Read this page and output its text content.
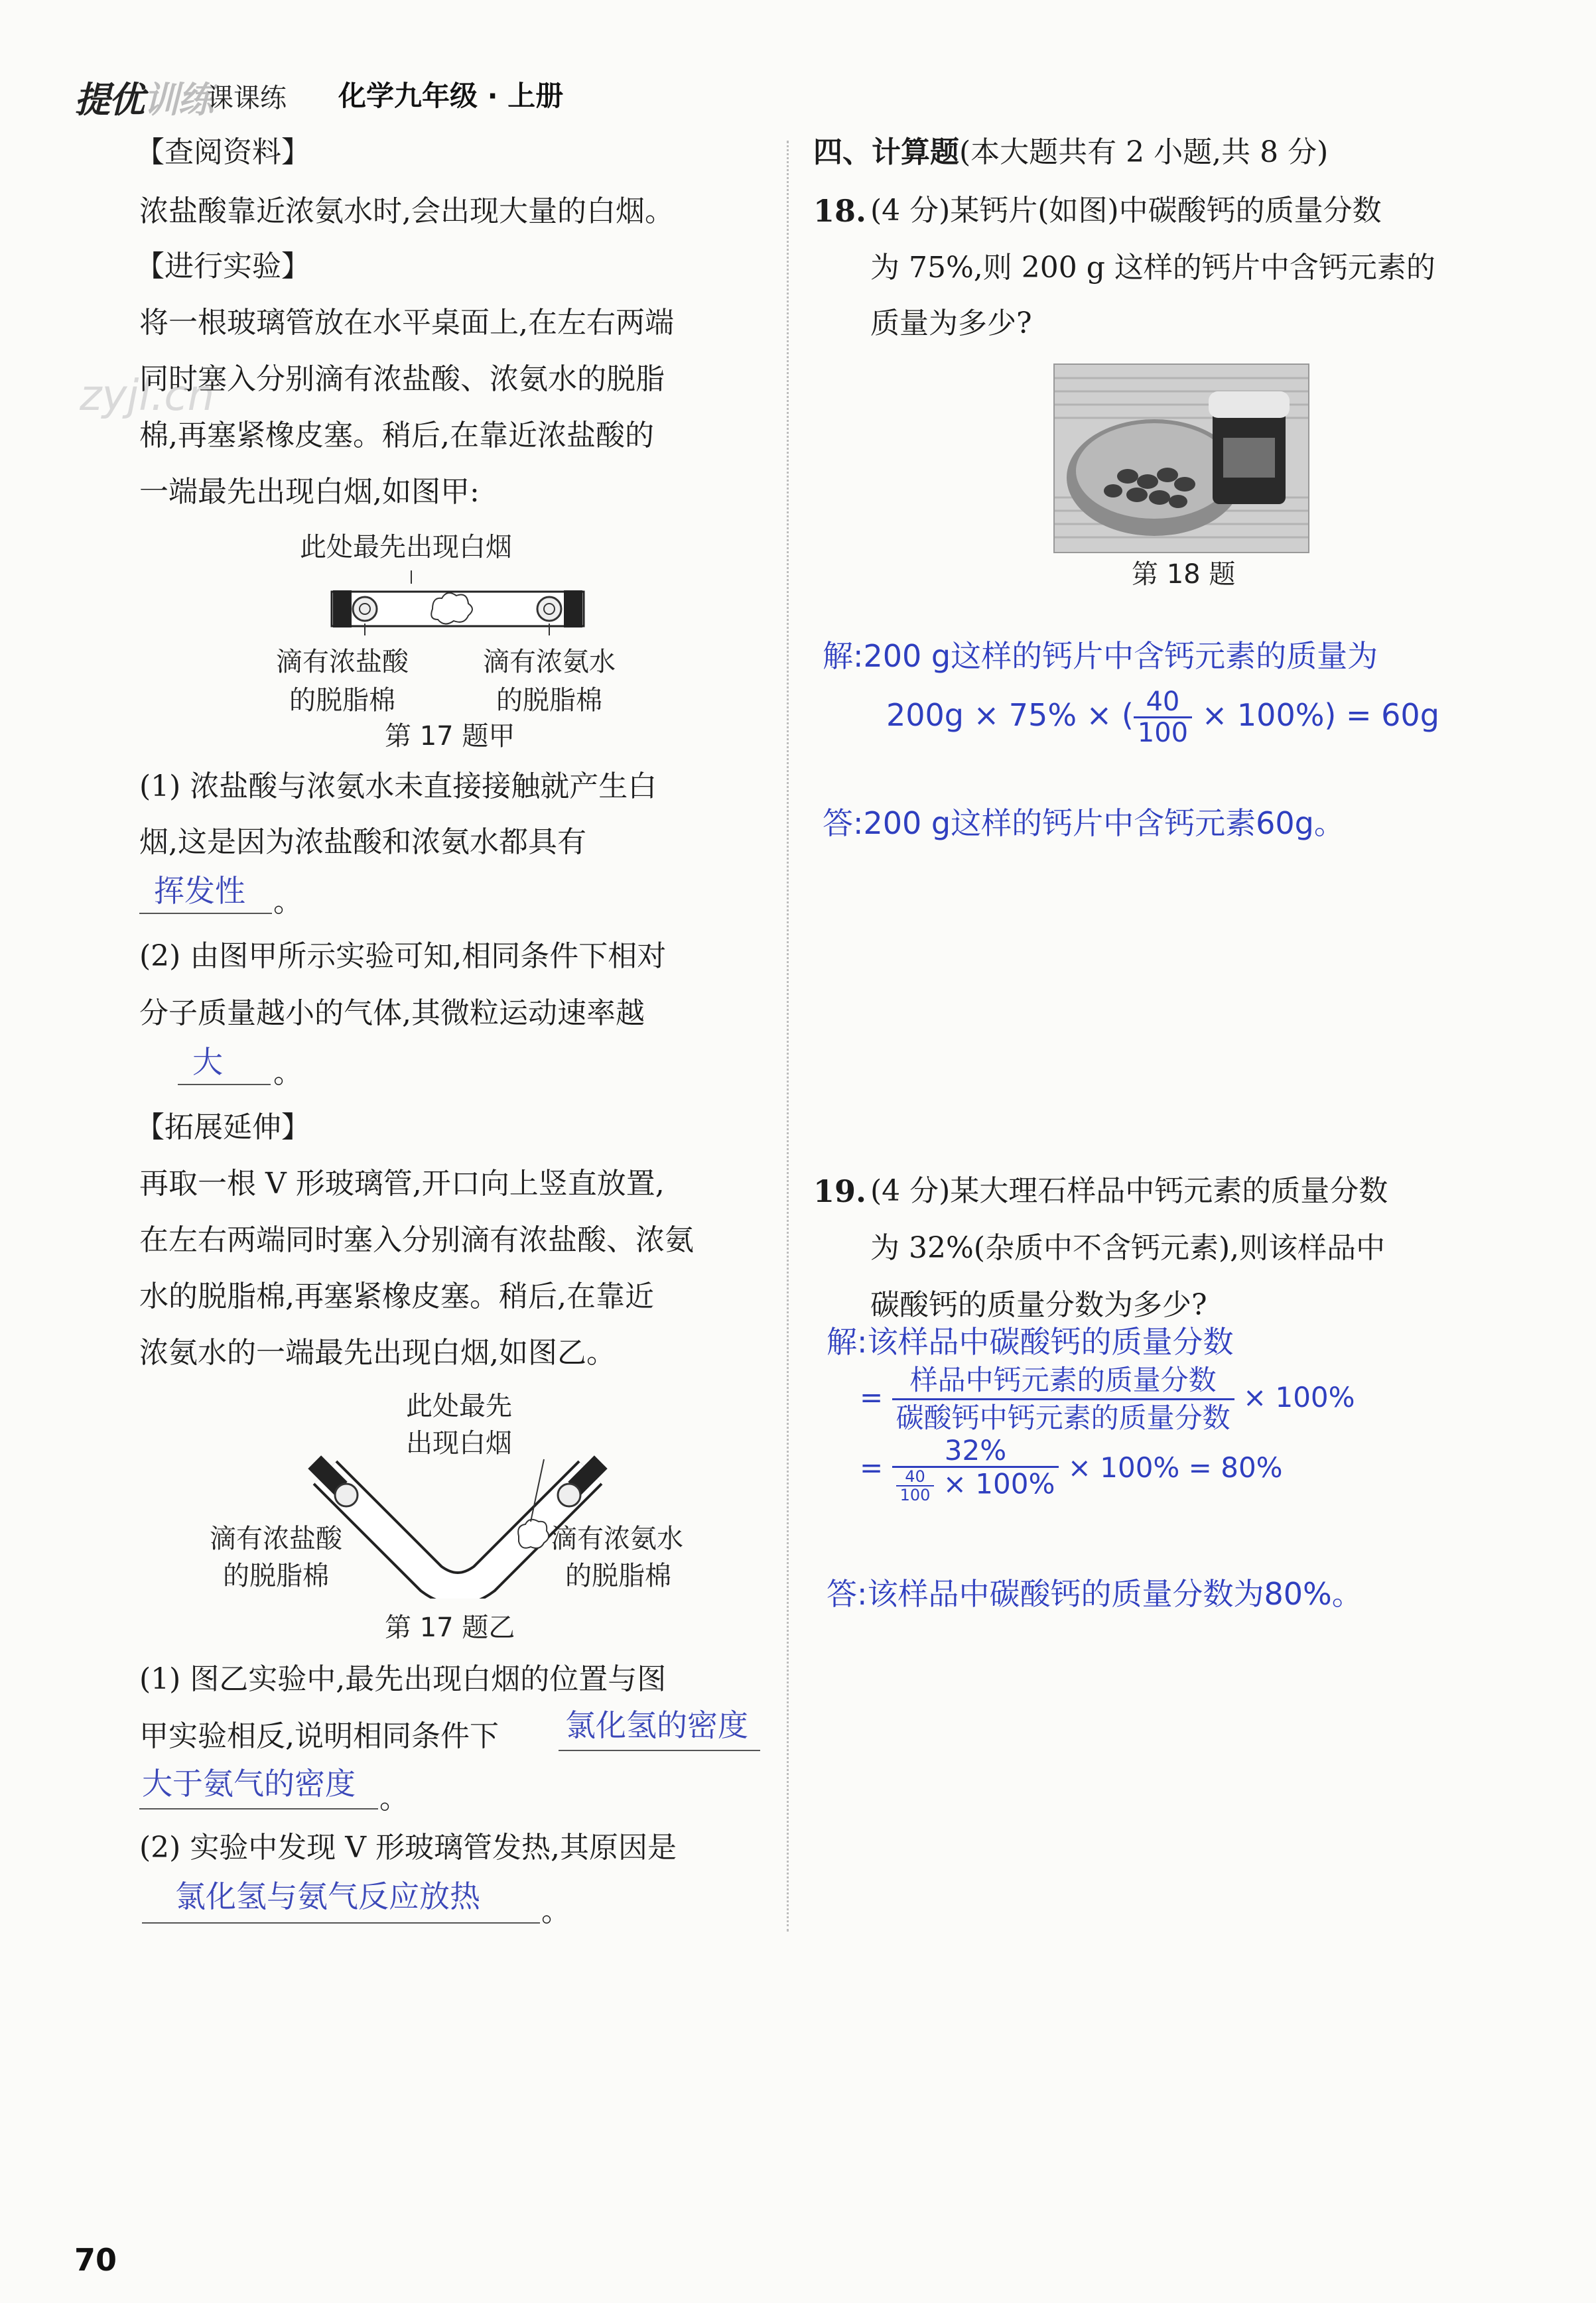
提优训练
课课练 化学九年级 · 上册
zyjl.cn
【查阅资料】
浓盐酸靠近浓氨水时,会出现大量的白烟。
【进行实验】
将一根玻璃管放在水平桌面上,在左右两端
同时塞入分别滴有浓盐酸、浓氨水的脱脂
棉,再塞紧橡皮塞。稍后,在靠近浓盐酸的
一端最先出现白烟,如图甲:
此处最先出现白烟
滴有浓盐酸
的脱脂棉
滴有浓氨水
的脱脂棉
第 17 题甲
(1) 浓盐酸与浓氨水未直接接触就产生白
烟,这是因为浓盐酸和浓氨水都具有
挥发性 。
(2) 由图甲所示实验可知,相同条件下相对
分子质量越小的气体,其微粒运动速率越
大 。
【拓展延伸】
再取一根 V 形玻璃管,开口向上竖直放置,
在左右两端同时塞入分别滴有浓盐酸、浓氨
水的脱脂棉,再塞紧橡皮塞。稍后,在靠近
浓氨水的一端最先出现白烟,如图乙。
此处最先
出现白烟
滴有浓盐酸
的脱脂棉
滴有浓氨水
的脱脂棉
第 17 题乙
(1) 图乙实验中,最先出现白烟的位置与图
甲实验相反,说明相同条件下 氯化氢的密度
大于氨气的密度 。
(2) 实验中发现 V 形玻璃管发热,其原因是
氯化氢与氨气反应放热 。
四、计算题(本大题共有 2 小题,共 8 分)
18. (4 分)某钙片(如图)中碳酸钙的质量分数
为 75%,则 200 g 这样的钙片中含钙元素的
质量为多少?
第 18 题
解:200 g这样的钙片中含钙元素的质量为
200g × 75% × ( $\frac{40}{100} \times 100\%) = 60g$
答:200 g这样的钙片中含钙元素60g。
19. (4 分)某大理石样品中钙元素的质量分数
为 32%(杂质中不含钙元素),则该样品中
碳酸钙的质量分数为多少?
解:该样品中碳酸钙的质量分数
= $\frac{\text{样品中钙元素的质量分数}}{\text{碳酸钙中钙元素的质量分数}} \times 100\%$
= $\frac{32\%}{\frac{40}{100} \times 100\%} \times 100\% = 80\%$
答:该样品中碳酸钙的质量分数为80%。
70
